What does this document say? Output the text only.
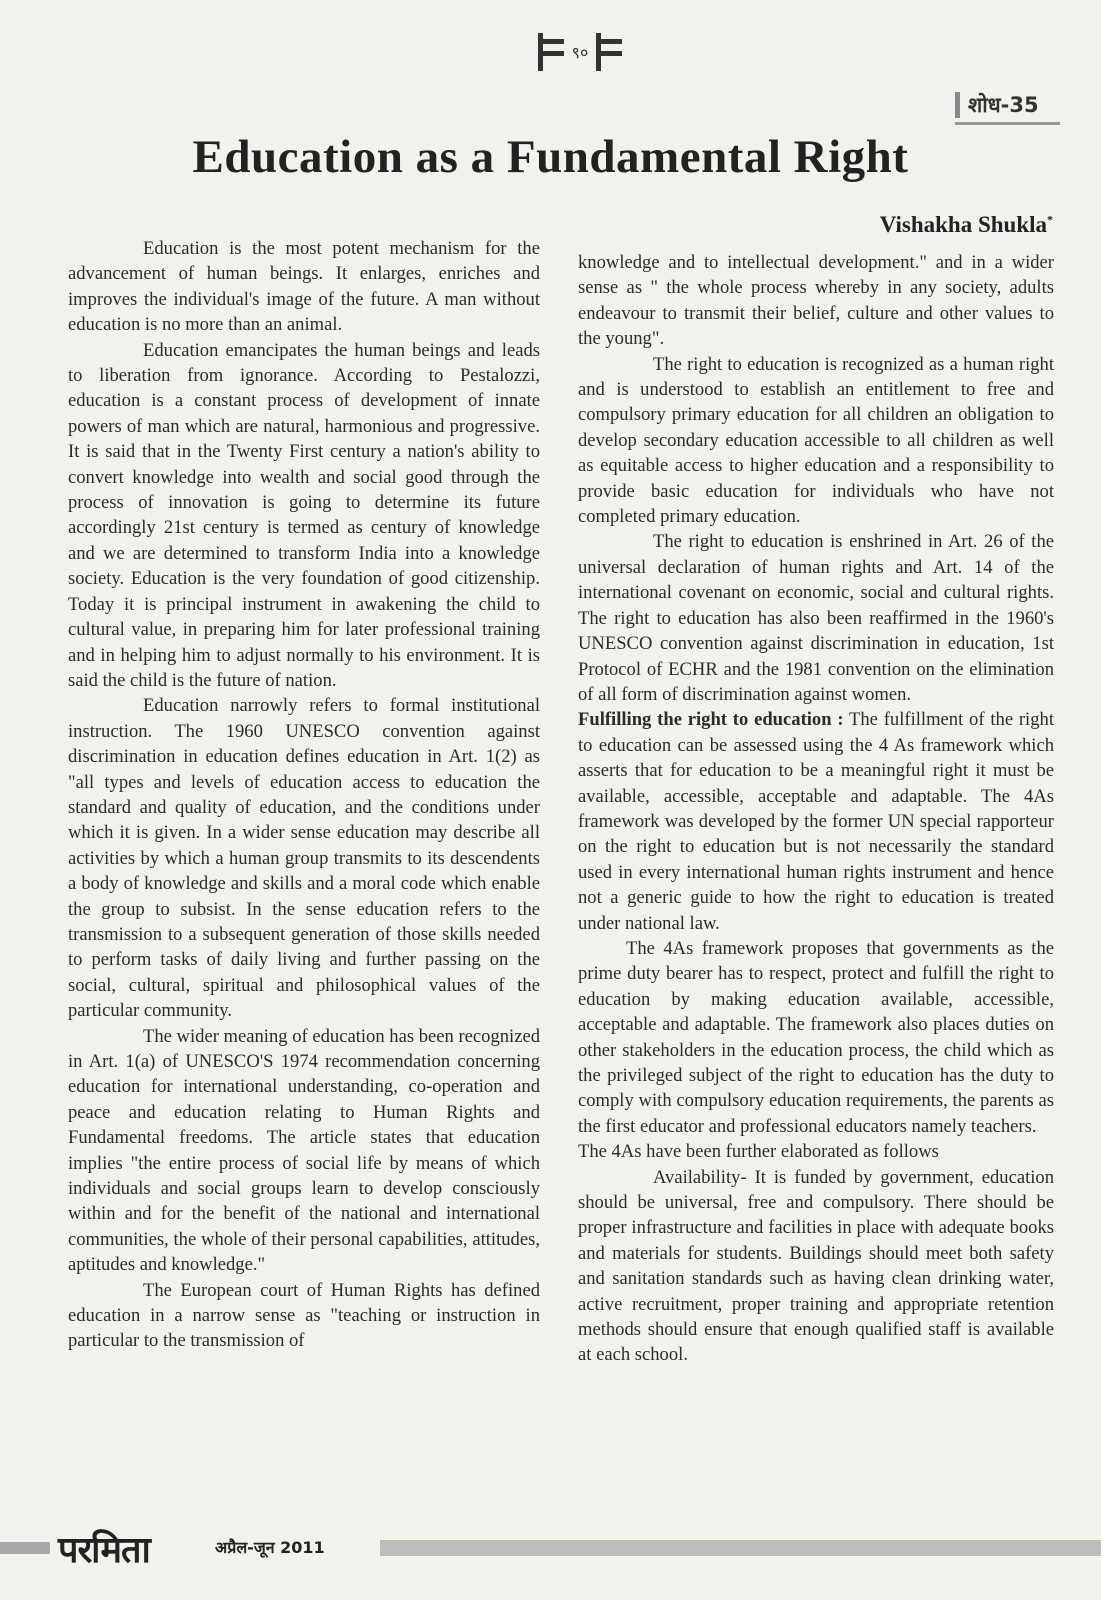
९०
शोध-35
Education as a Fundamental Right
Vishakha Shukla*

Education is the most potent mechanism for the advancement of human beings. It enlarges, enriches and improves the individual's image of the future. A man without education is no more than an animal.

Education emancipates the human beings and leads to liberation from ignorance. According to Pestalozzi, education is a constant process of development of innate powers of man which are natural, harmonious and progressive. It is said that in the Twenty First century a nation's ability to convert knowledge into wealth and social good through the process of innovation is going to determine its future accordingly 21st century is termed as century of knowledge and we are determined to transform India into a knowledge society. Education is the very foundation of good citizenship. Today it is principal instrument in awakening the child to cultural value, in preparing him for later professional training and in helping him to adjust normally to his environment. It is said the child is the future of nation.

Education narrowly refers to formal institutional instruction. The 1960 UNESCO convention against discrimination in education defines education in Art. 1(2) as "all types and levels of education access to education the standard and quality of education, and the conditions under which it is given. In a wider sense education may describe all activities by which a human group transmits to its descendents a body of knowledge and skills and a moral code which enable the group to subsist. In the sense education refers to the transmission to a subsequent generation of those skills needed to perform tasks of daily living and further passing on the social, cultural, spiritual and philosophical values of the particular community.

The wider meaning of education has been recognized in Art. 1(a) of UNESCO'S 1974 recommendation concerning education for international understanding, co-operation and peace and education relating to Human Rights and Fundamental freedoms. The article states that education implies "the entire process of social life by means of which individuals and social groups learn to develop consciously within and for the benefit of the national and international communities, the whole of their personal capabilities, attitudes, aptitudes and knowledge."

The European court of Human Rights has defined education in a narrow sense as "teaching or instruction in particular to the transmission of

knowledge and to intellectual development." and in a wider sense as " the whole process whereby in any society, adults endeavour to transmit their belief, culture and other values to the young".

The right to education is recognized as a human right and is understood to establish an entitlement to free and compulsory primary education for all children an obligation to develop secondary education accessible to all children as well as equitable access to higher education and a responsibility to provide basic education for individuals who have not completed primary education.

The right to education is enshrined in Art. 26 of the universal declaration of human rights and Art. 14 of the international covenant on economic, social and cultural rights. The right to education has also been reaffirmed in the 1960's UNESCO convention against discrimination in education, 1st Protocol of ECHR and the 1981 convention on the elimination of all form of discrimination against women.

Fulfilling the right to education : The fulfillment of the right to education can be assessed using the 4 As framework which asserts that for education to be a meaningful right it must be available, accessible, acceptable and adaptable. The 4As framework was developed by the former UN special rapporteur on the right to education but is not necessarily the standard used in every international human rights instrument and hence not a generic guide to how the right to education is treated under national law.

The 4As framework proposes that governments as the prime duty bearer has to respect, protect and fulfill the right to education by making education available, accessible, acceptable and adaptable. The framework also places duties on other stakeholders in the education process, the child which as the privileged subject of the right to education has the duty to comply with compulsory education requirements, the parents as the first educator and professional educators namely teachers.

The 4As have been further elaborated as follows

Availability- It is funded by government, education should be universal, free and compulsory. There should be proper infrastructure and facilities in place with adequate books and materials for students. Buildings should meet both safety and sanitation standards such as having clean drinking water, active recruitment, proper training and appropriate retention methods should ensure that enough qualified staff is available at each school.

परमिता	अप्रैल-जून 2011
